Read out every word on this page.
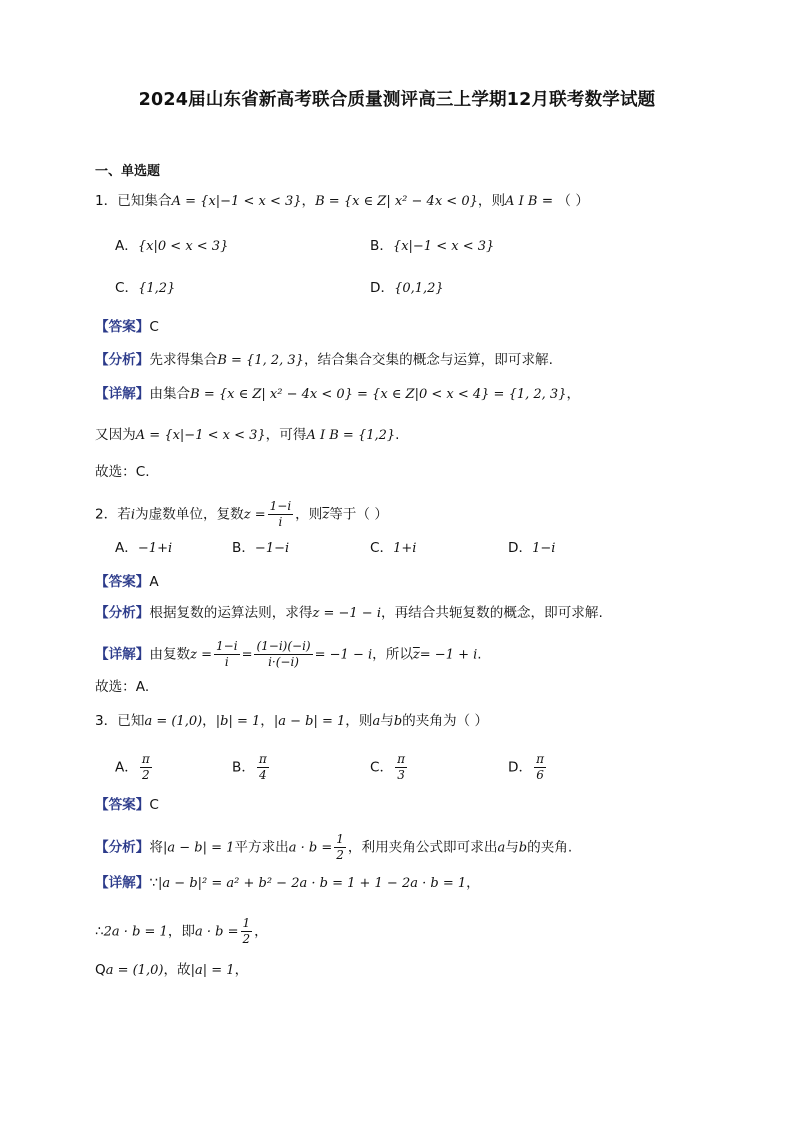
2024届山东省新高考联合质量测评高三上学期12月联考数学试题
一、单选题
1．已知集合A = {x|−1 < x < 3}，B = {x ∈ Z| x² − 4x < 0}，则A I B = （ ）
A．{x|0 < x < 3}	B．{x|−1 < x < 3}
C．{1,2}	D．{0,1,2}
【答案】C
【分析】先求得集合B = {1, 2, 3}，结合集合交集的概念与运算，即可求解.
【详解】由集合B = {x ∈ Z| x² − 4x < 0} = {x ∈ Z|0 < x < 4} = {1, 2, 3}，
又因为A = {x|−1 < x < 3}，可得A I B = {1,2}.
故选：C.
2．若i为虚数单位，复数$z = \frac{1-i}{i}$ ，则$\overline{z}$等于（ ）
A．−1+i	B．−1−i	C．1+i	D．1−i
【答案】A
【分析】根据复数的运算法则，求得z = −1 − i，再结合共轭复数的概念，即可求解.
【详解】由复数$z = \frac{1-i}{i} = \frac{(1-i)(-i)}{i\cdot(-i)} = -1 - i$，所以$\overline{z}= -1 + i$.
故选：A.
3．已知a = (1,0)，|b| = 1，|a − b| = 1，则a与b的夹角为（ ）
A． $\frac{\pi}{2}$	B． $\frac{\pi}{4}$	C． $\frac{\pi}{3}$	D． $\frac{\pi}{6}$
【答案】C
【分析】将|a − b| = 1平方求出$a \cdot b = \frac{1}{2}$ ，利用夹角公式即可求出a与b的夹角.
【详解】∵|a − b|² = a² + b² − 2a · b = 1 + 1 − 2a · b = 1，
∴2a · b = 1，即$a \cdot b = \frac{1}{2}$ ，
Qa = (1,0)，故|a| = 1，
